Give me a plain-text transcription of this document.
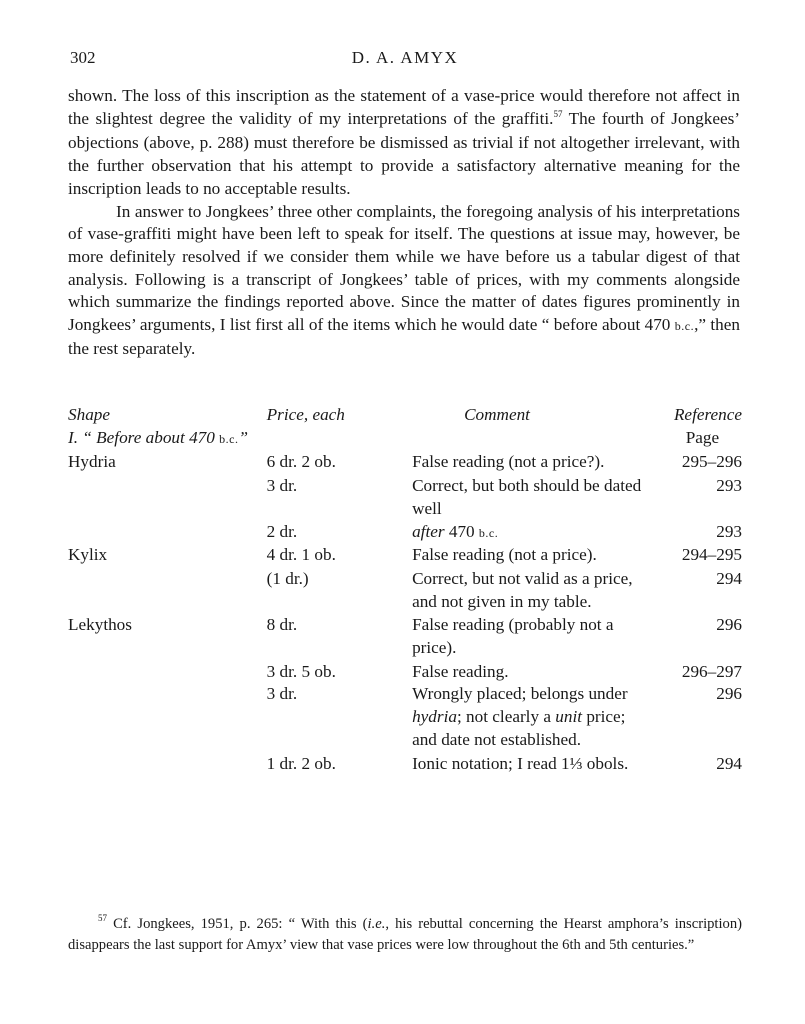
302	D. A. AMYX

shown. The loss of this inscription as the statement of a vase-price would therefore not affect in the slightest degree the validity of my interpretations of the graffiti.$^{57}$ The fourth of Jongkees’ objections (above, p. 288) must therefore be dismissed as trivial if not altogether irrelevant, with the further observation that his attempt to provide a satisfactory alternative meaning for the inscription leads to no acceptable results.

In answer to Jongkees’ three other complaints, the foregoing analysis of his interpretations of vase-graffiti might have been left to speak for itself. The questions at issue may, however, be more definitely resolved if we consider them while we have before us a tabular digest of that analysis. Following is a transcript of Jongkees’ table of prices, with my comments alongside which summarize the findings reported above. Since the matter of dates figures prominently in Jongkees’ arguments, I list first all of the items which he would date “ before about 470 b.c.,” then the rest separately.

Shape	Price, each	Comment	Reference
I. “ Before about 470 b.c.”			Page
Hydria	6 dr. 2 ob.	False reading (not a price?).	295–296
	3 dr.	Correct, but both should be dated well	293
	2 dr.	after 470 b.c.	293
Kylix	4 dr. 1 ob.	False reading (not a price).	294–295
	(1 dr.)	Correct, but not valid as a price, and not given in my table.	294
Lekythos	8 dr.	False reading (probably not a price).	296
	3 dr. 5 ob.	False reading.	296–297
	3 dr.	Wrongly placed; belongs under hydria; not clearly a unit price; and date not established.	296
	1 dr. 2 ob.	Ionic notation; I read 1⅓ obols.	294
$^{57}$ Cf. Jongkees, 1951, p. 265: “ With this (i.e., his rebuttal concerning the Hearst amphora’s inscription) disappears the last support for Amyx’ view that vase prices were low throughout the 6th and 5th centuries.”
